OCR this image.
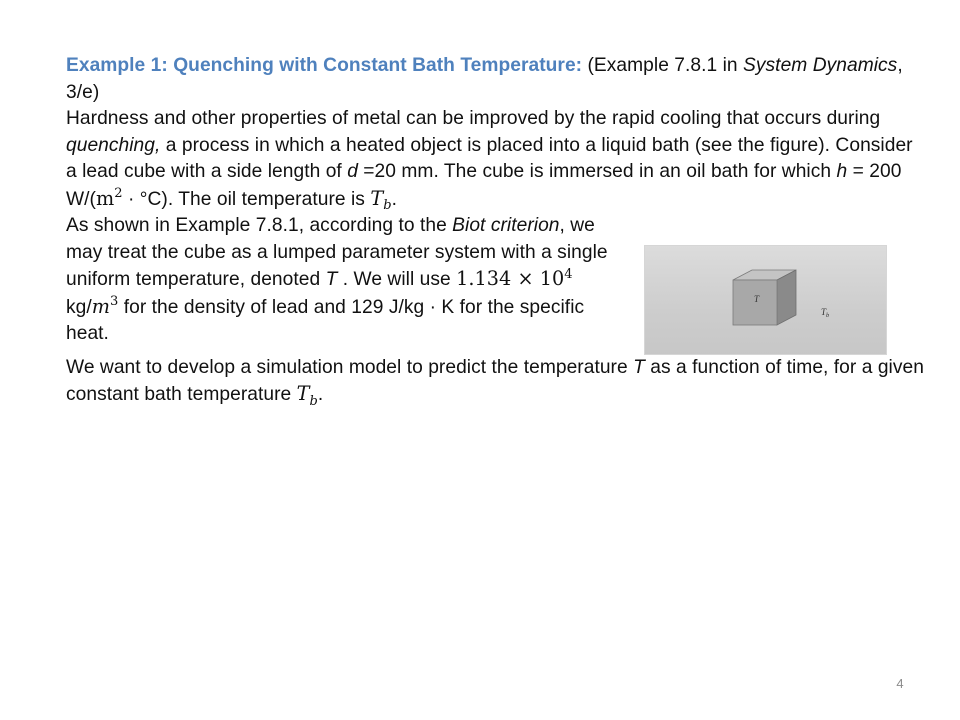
Example 1: Quenching with Constant Bath Temperature: (Example 7.8.1 in System Dynamics, 3/e)
Hardness and other properties of metal can be improved by the rapid cooling that occurs during quenching, a process in which a heated object is placed into a liquid bath (see the figure). Consider a lead cube with a side length of d =20 mm. The cube is immersed in an oil bath for which h = 200 $W/(m^2 \cdot ^\circ C)$. The oil temperature is $T_b$.
As shown in Example 7.8.1, according to the Biot criterion, we may treat the cube as a lumped parameter system with a single uniform temperature, denoted T . We will use $1.134 \times 10^4$ $kg/m^3$ for the density of lead and 129 J/kg · K for the specific heat.
We want to develop a simulation model to predict the temperature T as a function of time, for a given constant bath temperature $T_b$.
T
$T_b$
4
